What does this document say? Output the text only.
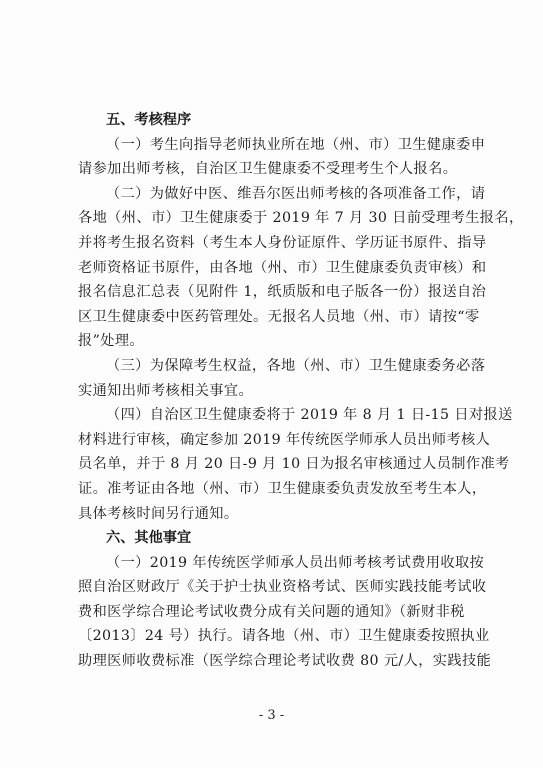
五、考核程序

（一）考生向指导老师执业所在地（州、市）卫生健康委申
请参加出师考核，自治区卫生健康委不受理考生个人报名。

（二）为做好中医、维吾尔医出师考核的各项准备工作，请
各地（州、市）卫生健康委于 2019 年 7 月 30 日前受理考生报名，
并将考生报名资料（考生本人身份证原件、学历证书原件、指导
老师资格证书原件，由各地（州、市）卫生健康委负责审核）和
报名信息汇总表（见附件 1，纸质版和电子版各一份）报送自治
区卫生健康委中医药管理处。无报名人员地（州、市）请按“零
报”处理。

（三）为保障考生权益，各地（州、市）卫生健康委务必落
实通知出师考核相关事宜。

（四）自治区卫生健康委将于 2019 年 8 月 1 日-15 日对报送
材料进行审核，确定参加 2019 年传统医学师承人员出师考核人
员名单，并于 8 月 20 日-9 月 10 日为报名审核通过人员制作准考
证。准考证由各地（州、市）卫生健康委负责发放至考生本人，
具体考核时间另行通知。

六、其他事宜

（一）2019 年传统医学师承人员出师考核考试费用收取按
照自治区财政厅《关于护士执业资格考试、医师实践技能考试收
费和医学综合理论考试收费分成有关问题的通知》（新财非税
〔2013〕24 号）执行。请各地（州、市）卫生健康委按照执业
助理医师收费标准（医学综合理论考试收费 80 元/人，实践技能

- 3 -
